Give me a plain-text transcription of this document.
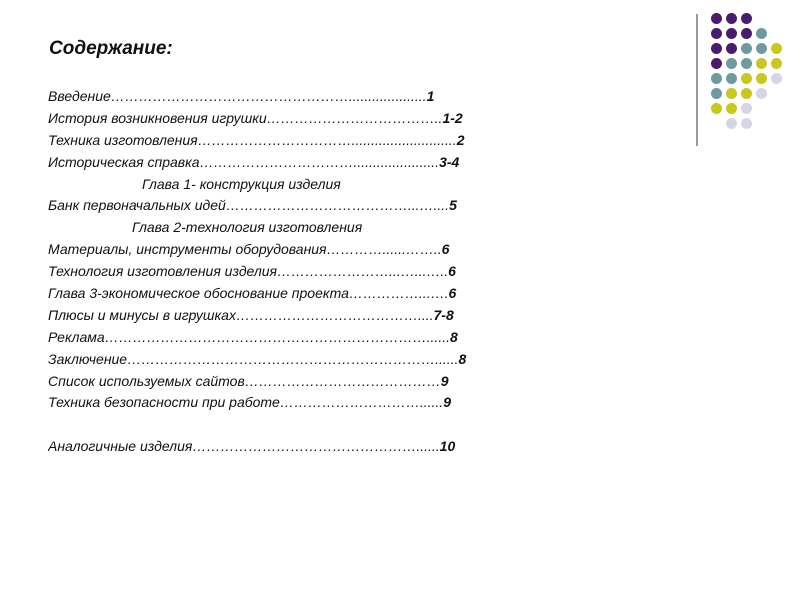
Содержание:
Введение……………………………………………....................1
История возникновения игрушки………………………………..1-2
Техника изготовления……………………………...........................2
Историческая справка……………………………......................3-4
Глава 1- конструкция изделия
Банк первоначальных идей…………………………………...…....5
Глава 2-технология изготовления
Материалы, инструменты оборудования…………......……..6
Технология изготовления изделия……………………...…...…..6
Глава 3-экономическое обоснование проекта……………...….6
Плюсы и минусы в игрушках…………………………………....7-8
Реклама……………………………………………………………......8
Заключение…………………………………………………………......8
Список используемых сайтов……………………………………9
Техника безопасности при работе…………………………......9
Аналогичные изделия…………………………………………......10
